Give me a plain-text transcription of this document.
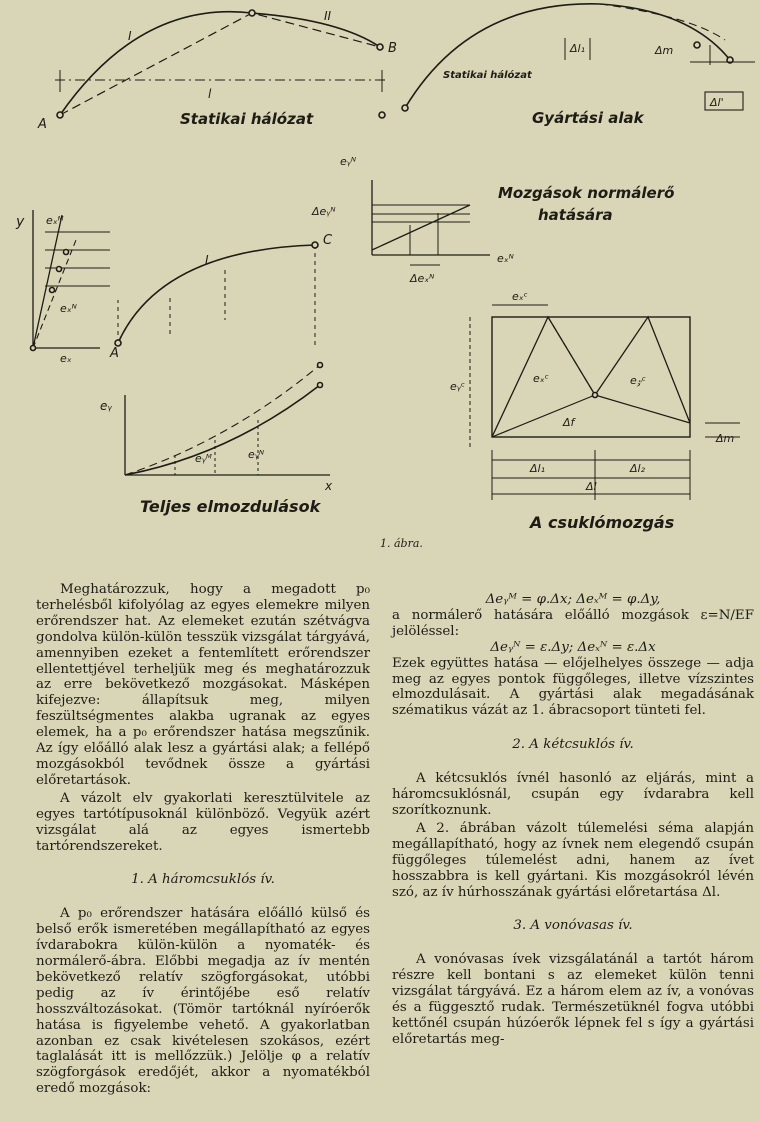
A
B
l
I
II
Statikai hálózat	Gyártási alak
Statikai hálózat
Δl₁	Δm
Δl'
y
eₓ
eₓᴹ
eₓᴺ
A
C
I
eᵧᴺ
Δeᵧᴺ
Δeₓᴺ
eₓᴺ
Mozgások normálerő
hatására
eᵧ
x
eᵧᴹ	eᵧᴺ
Teljes elmozdulások
eₓᶜ
eᵧᶜ
eₓᶜ	e𝓏ᶜ
Δf
Δm
Δl₁	Δl₂
Δl
A csuklómozgás
1. ábra.

Meghatározzuk, hogy a megadott p₀ terhelésből kifolyólag az egyes elemekre milyen erőrendszer hat. Az elemeket ezután szétvágva gondolva külön-külön tesszük vizsgálat tárgyává, amennyiben ezeket a fentemlített erőrendszer ellentettjével terheljük meg és meghatározzuk az erre bekövetkező mozgásokat. Másképen kifejezve: állapítsuk meg, milyen feszültségmentes alakba ugranak az egyes elemek, ha a p₀ erőrendszer hatása megszűnik. Az így előálló alak lesz a gyártási alak; a fellépő mozgásokból tevődnek össze a gyártási előretartások.

A vázolt elv gyakorlati keresztülvitele az egyes tartótípusoknál különböző. Vegyük azért vizsgálat alá az egyes ismertebb tartórendszereket.

1. A háromcsuklós ív.

A p₀ erőrendszer hatására előálló külső és belső erők ismeretében megállapítható az egyes ívdarabokra külön-külön a nyomaték- és normálerő-ábra. Előbbi megadja az ív mentén bekövetkező relatív szögforgásokat, utóbbi pedig az ív érintőjébe eső relatív hosszváltozásokat. (Tömör tartóknál nyíróerők hatása is figyelembe vehető. A gyakorlatban azonban ez csak kivételesen szokásos, ezért taglalását itt is mellőzzük.) Jelölje φ a relatív szögforgások eredőjét, akkor a nyomatékból eredő mozgások:

Δeᵧᴹ = φ.Δx; Δeₓᴹ = φ.Δy,

a normálerő hatására előálló mozgások ε=N/EF jelöléssel:

Δeᵧᴺ = ε.Δy; Δeₓᴺ = ε.Δx

Ezek együttes hatása — előjelhelyes összege — adja meg az egyes pontok függőleges, illetve vízszintes elmozdulásait. A gyártási alak megadásának szématikus vázát az 1. ábracsoport tünteti fel.

2. A kétcsuklós ív.

A kétcsuklós ívnél hasonló az eljárás, mint a háromcsuklósnál, csupán egy ívdarabra kell szorítkoznunk.

A 2. ábrában vázolt túlemelési séma alapján megállapítható, hogy az ívnek nem elegendő csupán függőleges túlemelést adni, hanem az ívet hosszabbra is kell gyártani. Kis mozgásokról lévén szó, az ív húrhosszának gyártási előretartása Δl.

3. A vonóvasas ív.

A vonóvasas ívek vizsgálatánál a tartót három részre kell bontani s az elemeket külön tenni vizsgálat tárgyává. Ez a három elem az ív, a vonóvas és a függesztő rudak. Természetüknél fogva utóbbi kettőnél csupán húzóerők lépnek fel s így a gyártási előretartás meg-
